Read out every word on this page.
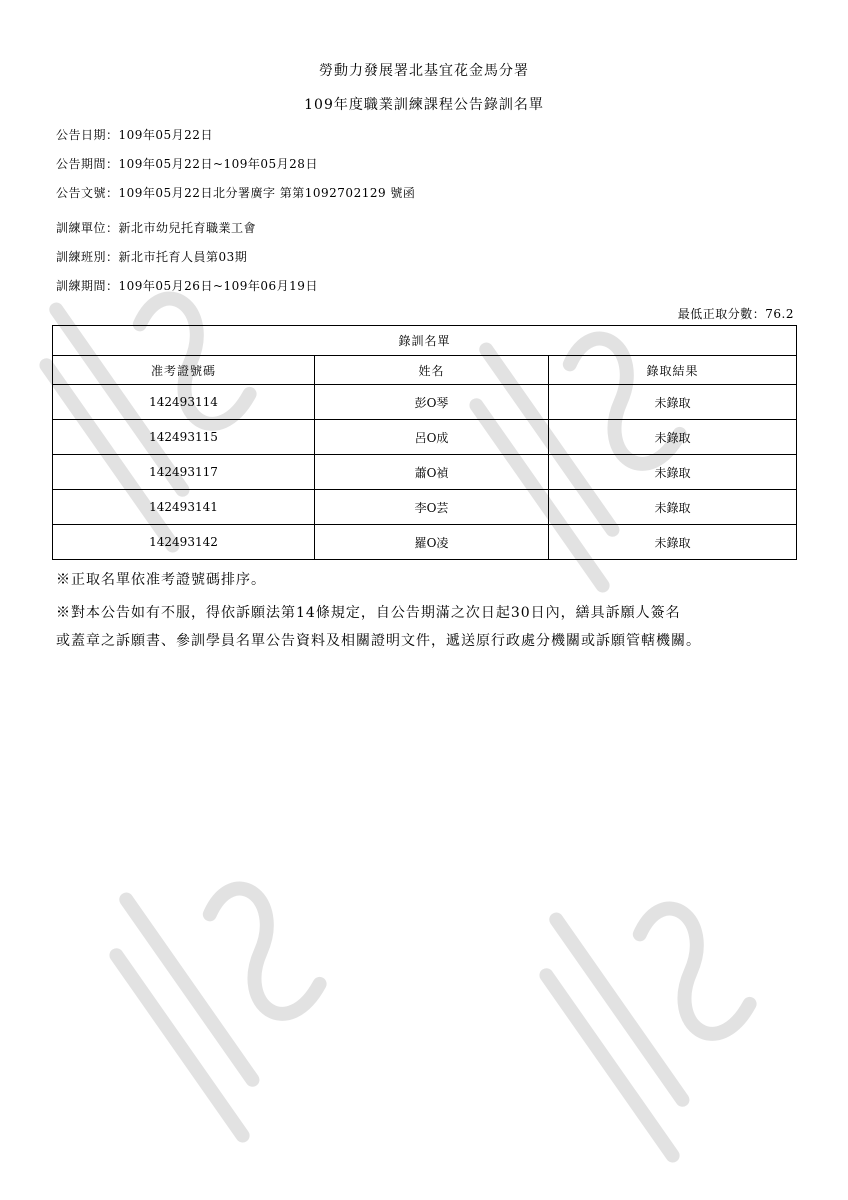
勞動力發展署北基宜花金馬分署
109年度職業訓練課程公告錄訓名單
公告日期：109年05月22日
公告期間：109年05月22日~109年05月28日
公告文號：109年05月22日北分署廣字 第第1092702129 號函
訓練單位：新北市幼兒托育職業工會
訓練班別：新北市托育人員第03期
訓練期間：109年05月26日~109年06月19日
最低正取分數：76.2
錄訓名單		
准考證號碼	姓名	錄取結果
142493114	彭O琴	未錄取
142493115	呂O成	未錄取
142493117	蕭O禎	未錄取
142493141	李O芸	未錄取
142493142	羅O凌	未錄取
※正取名單依准考證號碼排序。
※對本公告如有不服，得依訴願法第14條規定，自公告期滿之次日起30日內，繕具訴願人簽名
或蓋章之訴願書、參訓學員名單公告資料及相關證明文件，遞送原行政處分機關或訴願管轄機關。
